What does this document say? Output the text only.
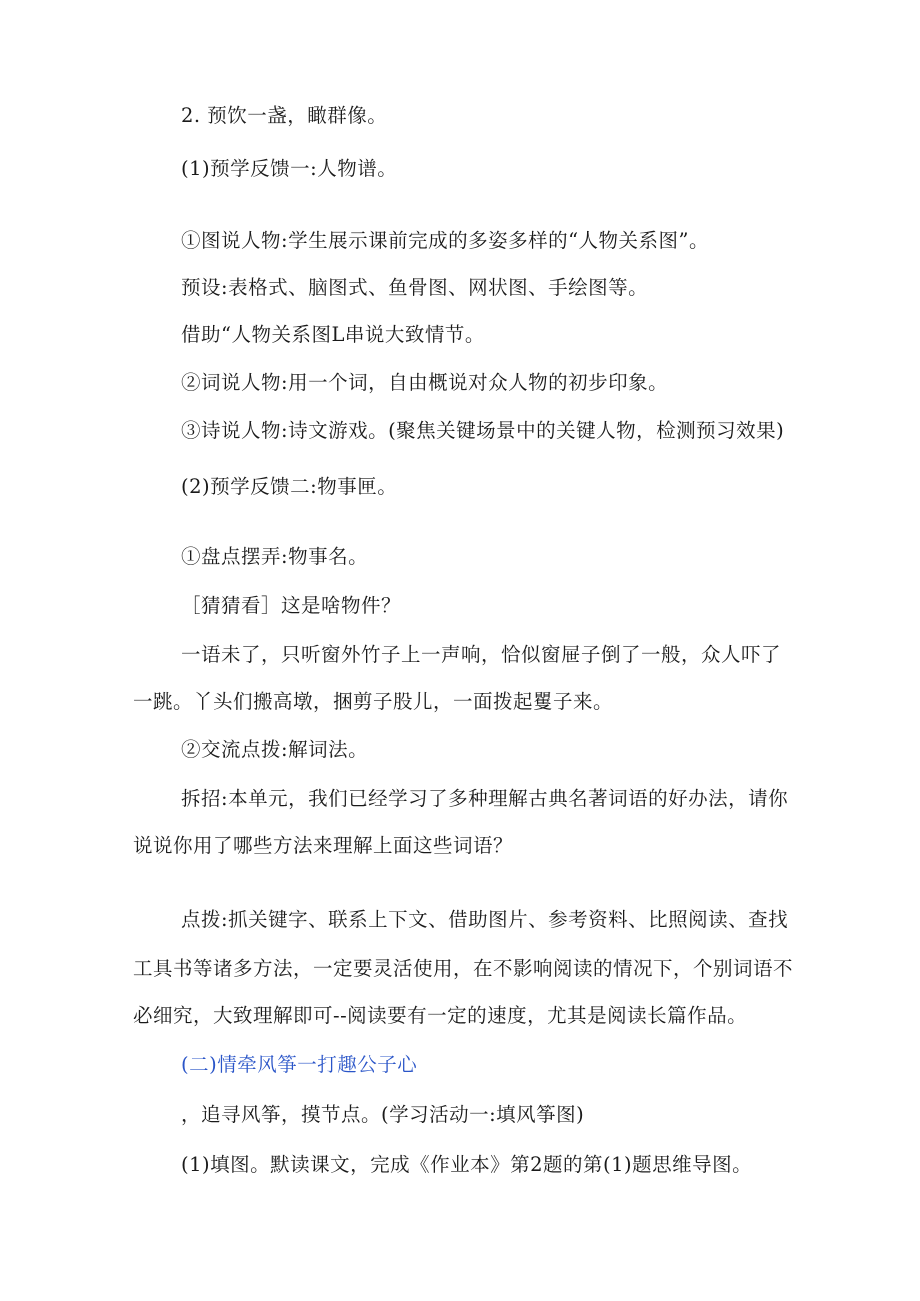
2. 预饮一盏，瞰群像。
(1)预学反馈一:人物谱。
①图说人物:学生展示课前完成的多姿多样的“人物关系图”。
预设:表格式、脑图式、鱼骨图、网状图、手绘图等。
借助“人物关系图L串说大致情节。
②词说人物:用一个词，自由概说对众人物的初步印象。
③诗说人物:诗文游戏。(聚焦关键场景中的关键人物，检测预习效果)
(2)预学反馈二:物事匣。
①盘点摆弄:物事名。
［猜猜看］这是啥物件？
一语未了，只听窗外竹子上一声响，恰似窗屉子倒了一般，众人吓了
一跳。丫头们搬高墩，捆剪子股儿，一面拨起矍子来。
②交流点拨:解词法。
拆招:本单元，我们已经学习了多种理解古典名著词语的好办法，请你
说说你用了哪些方法来理解上面这些词语？
点拨:抓关键字、联系上下文、借助图片、参考资料、比照阅读、查找
工具书等诸多方法，一定要灵活使用，在不影响阅读的情况下，个别词语不
必细究，大致理解即可--阅读要有一定的速度，尤其是阅读长篇作品。
(二)情牵风筝一打趣公子心
，追寻风筝，摸节点。(学习活动一:填风筝图)
(1)填图。默读课文，完成《作业本》第2题的第(1)题思维导图。
